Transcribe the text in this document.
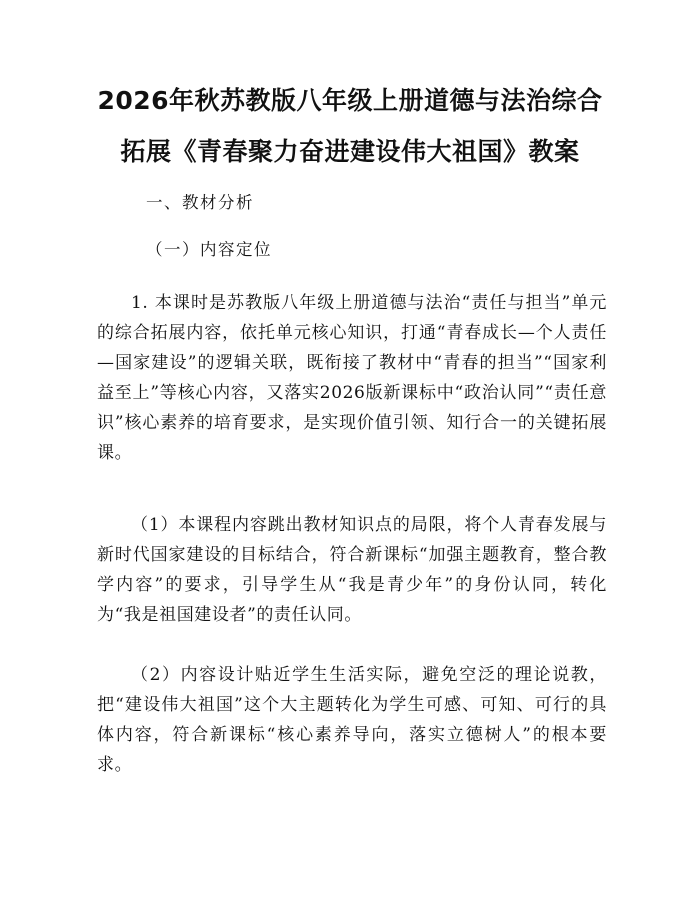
2026年秋苏教版八年级上册道德与法治综合
拓展《青春聚力奋进建设伟大祖国》教案
一、教材分析
（一）内容定位

1. 本课时是苏教版八年级上册道德与法治“责任与担当”单元的综合拓展内容，依托单元核心知识，打通“青春成长—个人责任—国家建设”的逻辑关联，既衔接了教材中“青春的担当”“国家利益至上”等核心内容，又落实2026版新课标中“政治认同”“责任意识”核心素养的培育要求，是实现价值引领、知行合一的关键拓展课。

（1）本课程内容跳出教材知识点的局限，将个人青春发展与新时代国家建设的目标结合，符合新课标“加强主题教育，整合教学内容”的要求，引导学生从“我是青少年”的身份认同，转化为“我是祖国建设者”的责任认同。

（2）内容设计贴近学生生活实际，避免空泛的理论说教，把“建设伟大祖国”这个大主题转化为学生可感、可知、可行的具体内容，符合新课标“核心素养导向，落实立德树人”的根本要求。
